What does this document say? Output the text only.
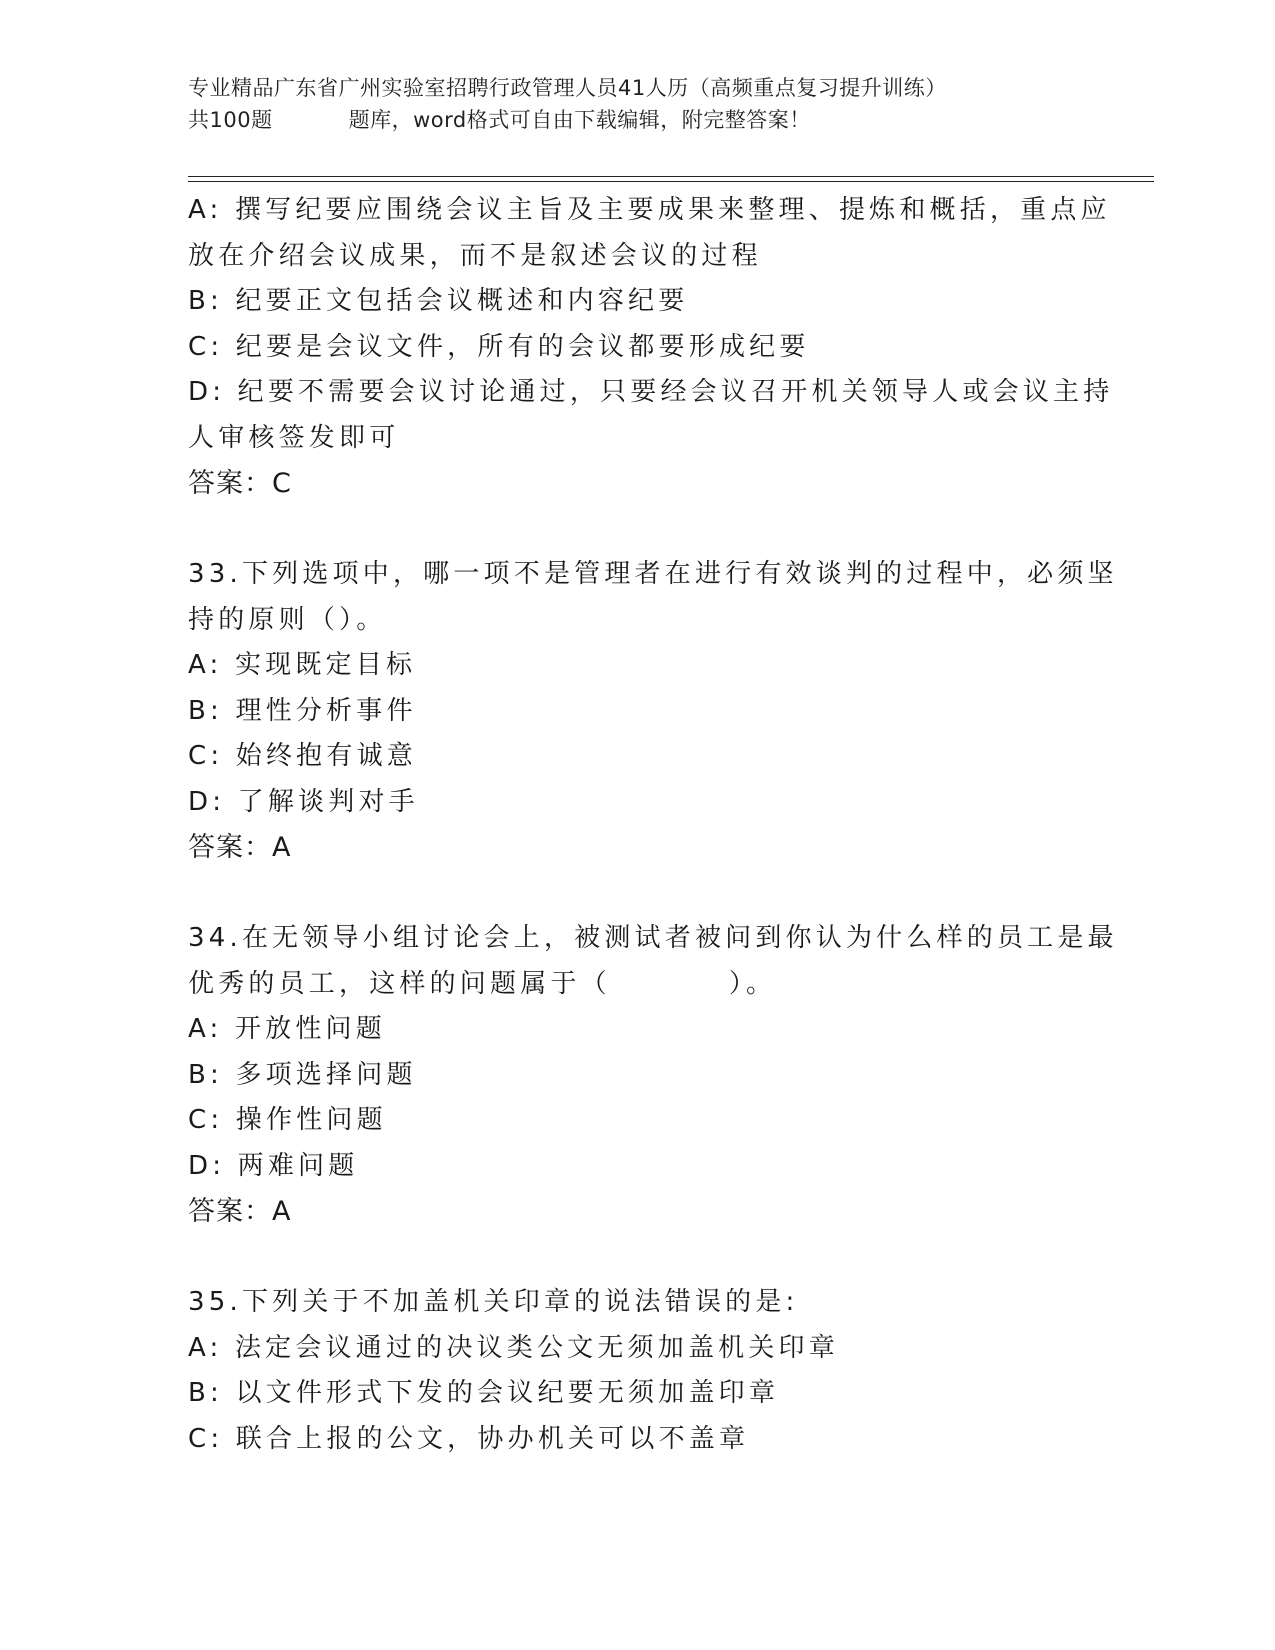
专业精品广东省广州实验室招聘行政管理人员41人历（高频重点复习提升训练）
共100题	题库，word格式可自由下载编辑，附完整答案！
A: 撰写纪要应围绕会议主旨及主要成果来整理、提炼和概括，重点应
放在介绍会议成果，而不是叙述会议的过程
B: 纪要正文包括会议概述和内容纪要
C: 纪要是会议文件，所有的会议都要形成纪要
D: 纪要不需要会议讨论通过，只要经会议召开机关领导人或会议主持
人审核签发即可
答案：C
33.下列选项中，哪一项不是管理者在进行有效谈判的过程中，必须坚
持的原则（）。
A: 实现既定目标
B: 理性分析事件
C: 始终抱有诚意
D: 了解谈判对手
答案：A
34.在无领导小组讨论会上，被测试者被问到你认为什么样的员工是最
优秀的员工，这样的问题属于（	）。
A: 开放性问题
B: 多项选择问题
C: 操作性问题
D: 两难问题
答案：A
35.下列关于不加盖机关印章的说法错误的是:
A: 法定会议通过的决议类公文无须加盖机关印章
B: 以文件形式下发的会议纪要无须加盖印章
C: 联合上报的公文，协办机关可以不盖章
